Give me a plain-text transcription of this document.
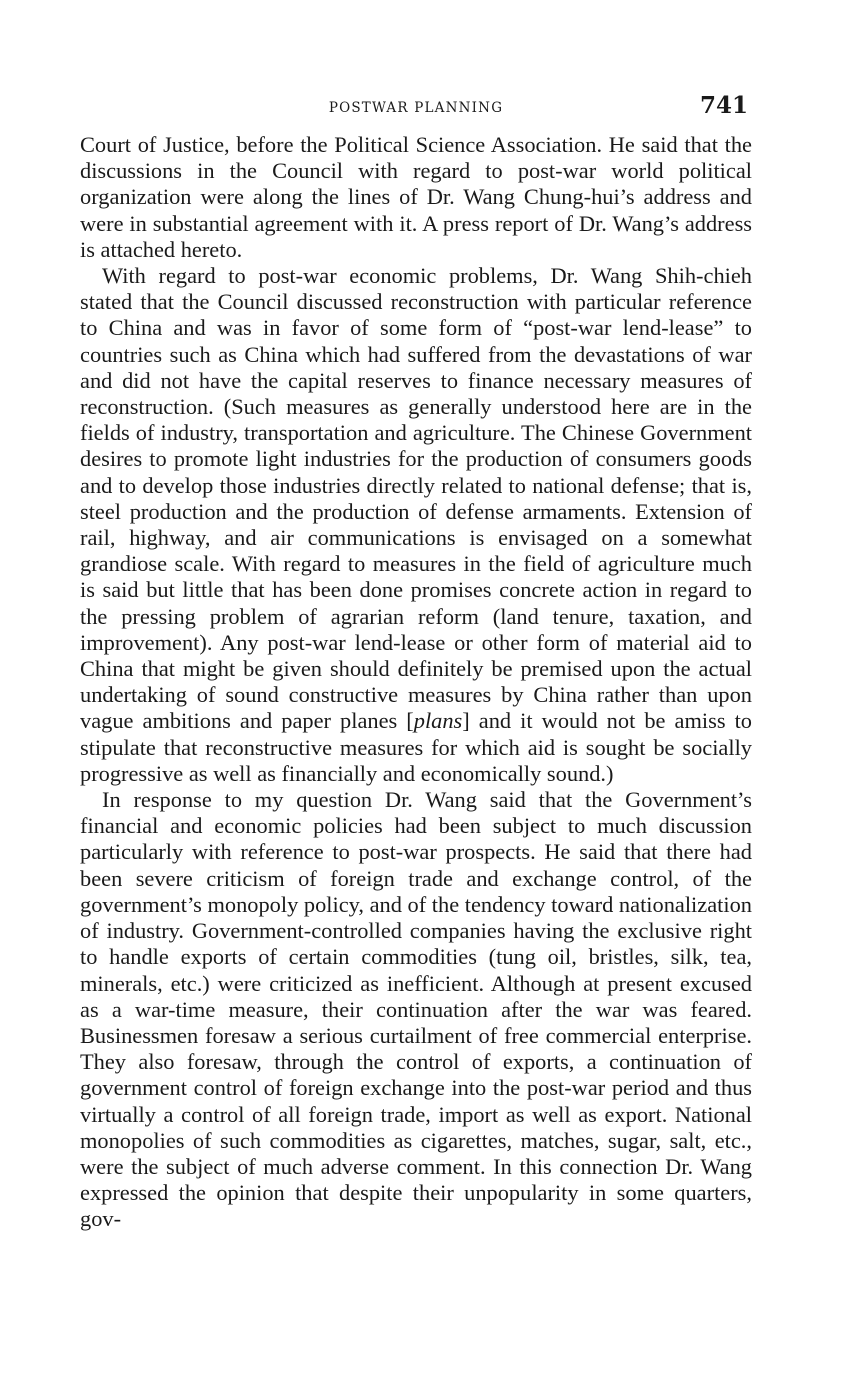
POSTWAR PLANNING	741

Court of Justice, before the Political Science Association. He said that the discussions in the Council with regard to post-war world political organization were along the lines of Dr. Wang Chung-hui’s address and were in substantial agreement with it. A press report of Dr. Wang’s address is attached hereto.

With regard to post-war economic problems, Dr. Wang Shih-chieh stated that the Council discussed reconstruction with particular reference to China and was in favor of some form of “post-war lend-lease” to countries such as China which had suffered from the devastations of war and did not have the capital reserves to finance necessary measures of reconstruction. (Such measures as generally understood here are in the fields of industry, transportation and agriculture. The Chinese Government desires to promote light industries for the production of consumers goods and to develop those industries directly related to national defense; that is, steel production and the production of defense armaments. Extension of rail, highway, and air communications is envisaged on a somewhat grandiose scale. With regard to measures in the field of agriculture much is said but little that has been done promises concrete action in regard to the pressing problem of agrarian reform (land tenure, taxation, and improvement). Any post-war lend-lease or other form of material aid to China that might be given should definitely be premised upon the actual undertaking of sound constructive measures by China rather than upon vague ambitions and paper planes [plans] and it would not be amiss to stipulate that reconstructive measures for which aid is sought be socially progressive as well as financially and economically sound.)

In response to my question Dr. Wang said that the Government’s financial and economic policies had been subject to much discussion particularly with reference to post-war prospects. He said that there had been severe criticism of foreign trade and exchange control, of the government’s monopoly policy, and of the tendency toward nationalization of industry. Government-controlled companies having the exclusive right to handle exports of certain commodities (tung oil, bristles, silk, tea, minerals, etc.) were criticized as inefficient. Although at present excused as a war-time measure, their continuation after the war was feared. Businessmen foresaw a serious curtailment of free commercial enterprise. They also foresaw, through the control of exports, a continuation of government control of foreign exchange into the post-war period and thus virtually a control of all foreign trade, import as well as export. National monopolies of such commodities as cigarettes, matches, sugar, salt, etc., were the subject of much adverse comment. In this connection Dr. Wang expressed the opinion that despite their unpopularity in some quarters, gov-
